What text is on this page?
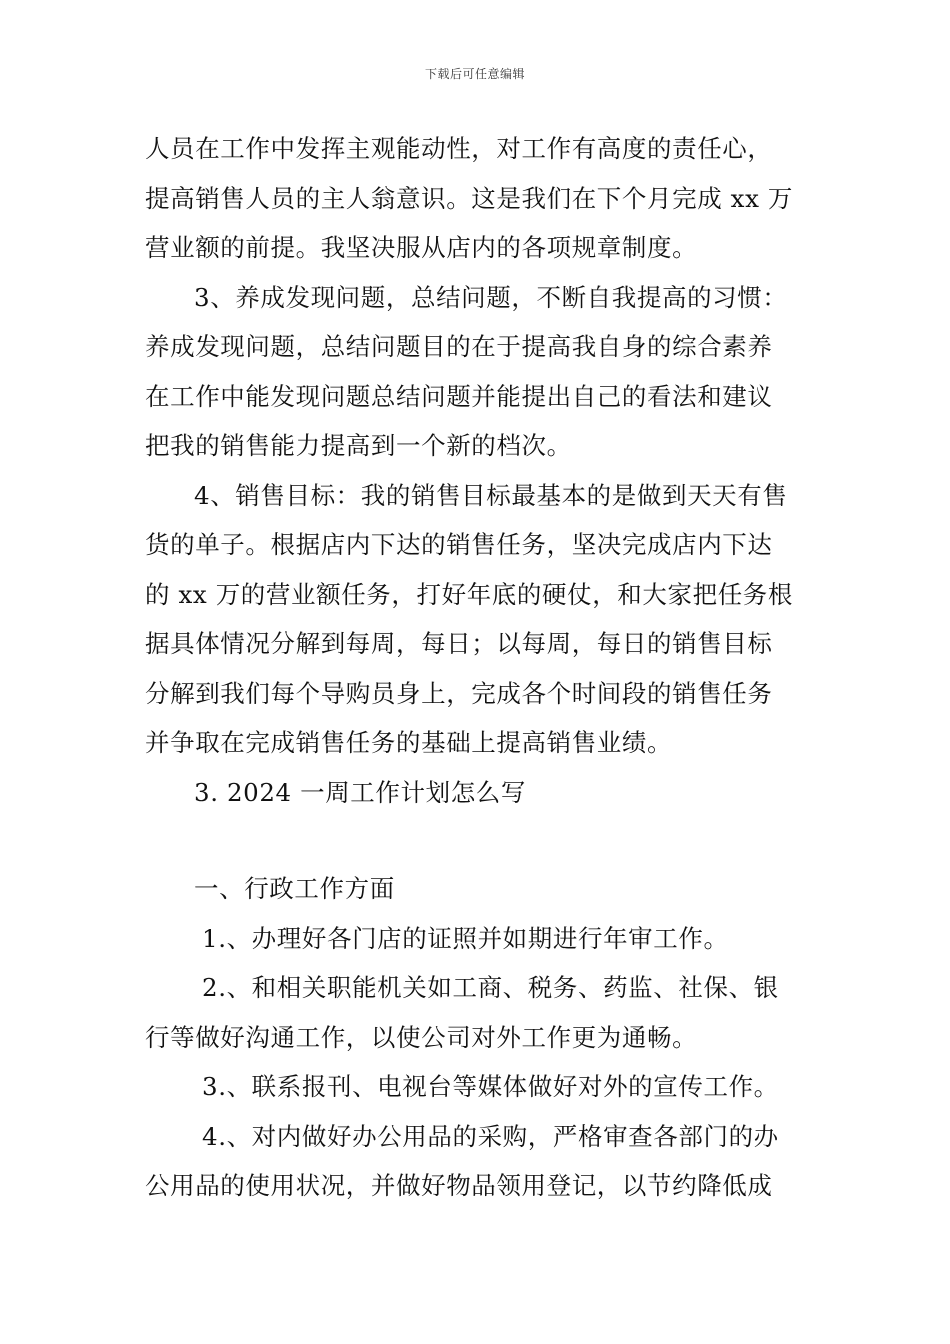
下载后可任意编辑
人员在工作中发挥主观能动性，对工作有高度的责任心，
提高销售人员的主人翁意识。这是我们在下个月完成 xx 万
营业额的前提。我坚决服从店内的各项规章制度。
3、养成发现问题，总结问题，不断自我提高的习惯：
养成发现问题，总结问题目的在于提高我自身的综合素养
在工作中能发现问题总结问题并能提出自己的看法和建议
把我的销售能力提高到一个新的档次。
4、销售目标：我的销售目标最基本的是做到天天有售
货的单子。根据店内下达的销售任务，坚决完成店内下达
的 xx 万的营业额任务，打好年底的硬仗，和大家把任务根
据具体情况分解到每周，每日；以每周，每日的销售目标
分解到我们每个导购员身上，完成各个时间段的销售任务
并争取在完成销售任务的基础上提高销售业绩。
3. 2024 一周工作计划怎么写
一、行政工作方面
1.、办理好各门店的证照并如期进行年审工作。
2.、和相关职能机关如工商、税务、药监、社保、银
行等做好沟通工作，以使公司对外工作更为通畅。
3.、联系报刊、电视台等媒体做好对外的宣传工作。
4.、对内做好办公用品的采购，严格审查各部门的办
公用品的使用状况，并做好物品领用登记，以节约降低成
